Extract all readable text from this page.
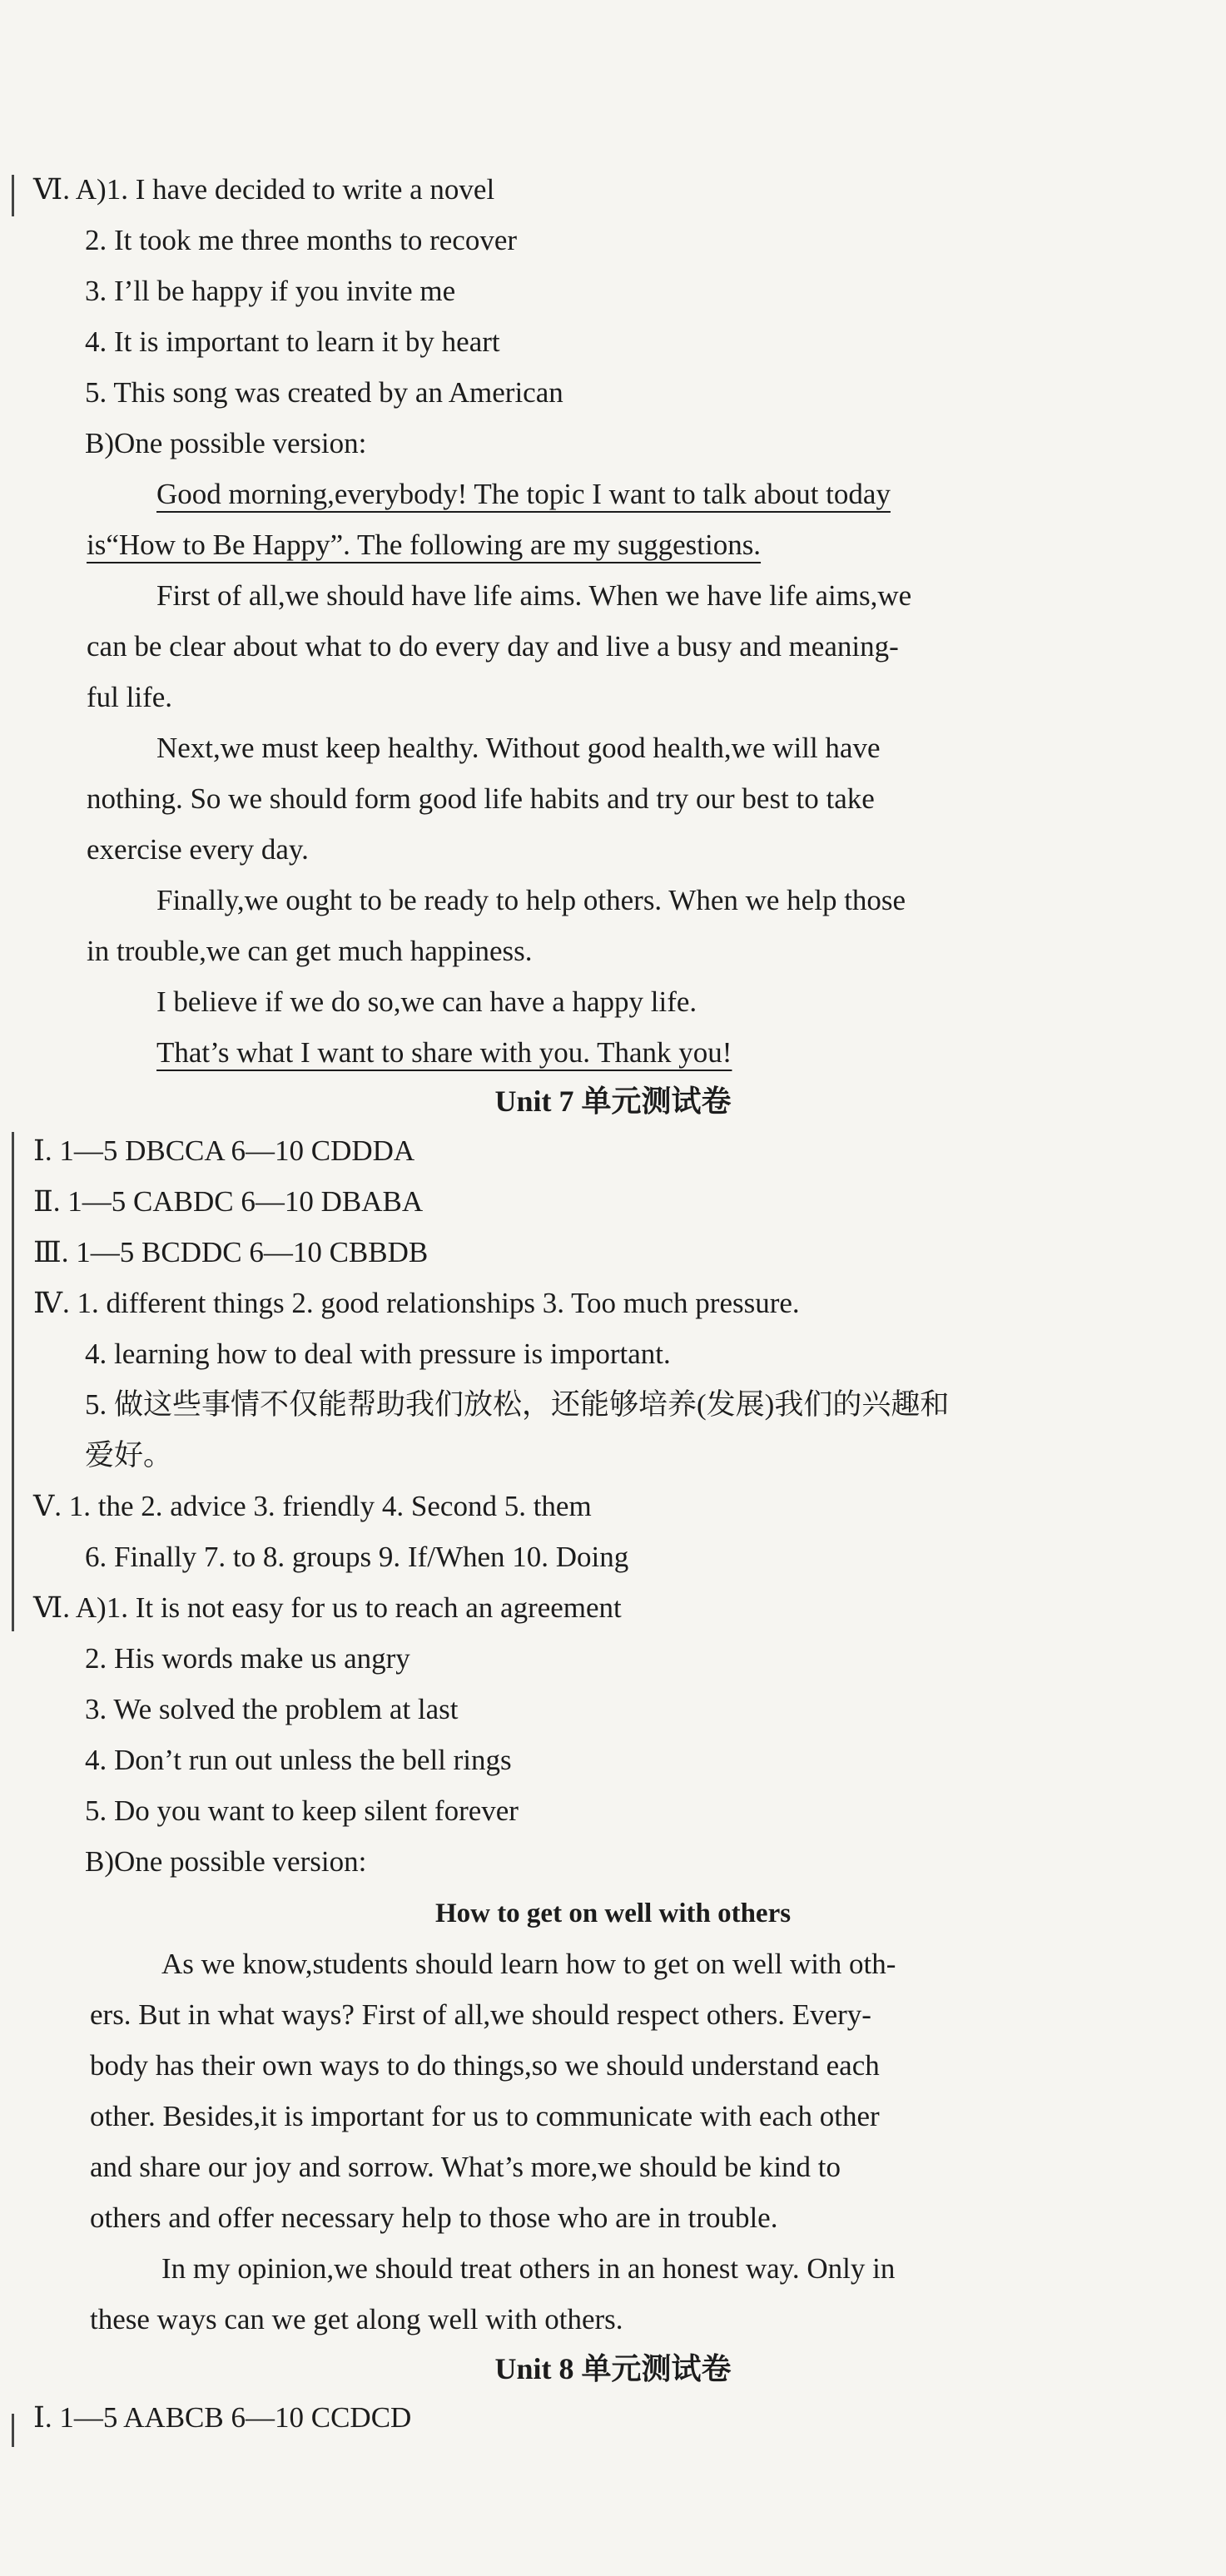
Ⅵ. A)1. I have decided to write a novel
2. It took me three months to recover
3. I’ll be happy if you invite me
4. It is important to learn it by heart
5. This song was created by an American
B)One possible version:
Good morning,everybody! The topic I want to talk about today
is“How to Be Happy”. The following are my suggestions.
First of all,we should have life aims. When we have life aims,we
can be clear about what to do every day and live a busy and meaning-
ful life.
Next,we must keep healthy. Without good health,we will have
nothing. So we should form good life habits and try our best to take
exercise every day.
Finally,we ought to be ready to help others. When we help those
in trouble,we can get much happiness.
I believe if we do so,we can have a happy life.
That’s what I want to share with you. Thank you!
Unit 7 单元测试卷
Ⅰ. 1—5 DBCCA 6—10 CDDDA
Ⅱ. 1—5 CABDC 6—10 DBABA
Ⅲ. 1—5 BCDDC 6—10 CBBDB
Ⅳ. 1. different things 2. good relationships 3. Too much pressure.
4. learning how to deal with pressure is important.
5. 做这些事情不仅能帮助我们放松，还能够培养(发展)我们的兴趣和
爱好。
Ⅴ. 1. the 2. advice 3. friendly 4. Second 5. them
6. Finally 7. to 8. groups 9. If/When 10. Doing
Ⅵ. A)1. It is not easy for us to reach an agreement
2. His words make us angry
3. We solved the problem at last
4. Don’t run out unless the bell rings
5. Do you want to keep silent forever
B)One possible version:
How to get on well with others
As we know,students should learn how to get on well with oth-
ers. But in what ways? First of all,we should respect others. Every-
body has their own ways to do things,so we should understand each
other. Besides,it is important for us to communicate with each other
and share our joy and sorrow. What’s more,we should be kind to
others and offer necessary help to those who are in trouble.
In my opinion,we should treat others in an honest way. Only in
these ways can we get along well with others.
Unit 8 单元测试卷
Ⅰ. 1—5 AABCB 6—10 CCDCD
